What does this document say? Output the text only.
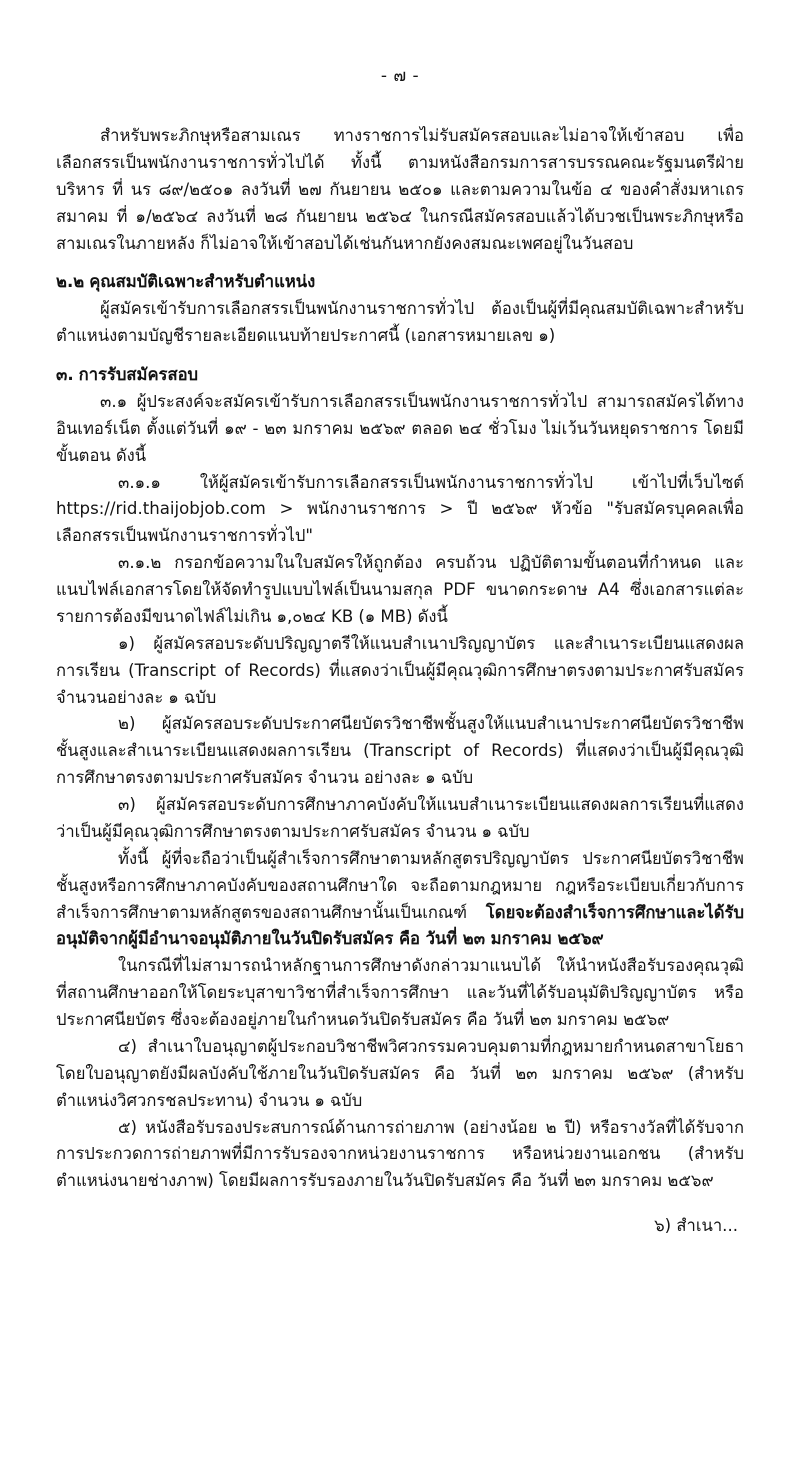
- ๗ -

สำหรับพระภิกษุหรือสามเณร ทางราชการไม่รับสมัครสอบและไม่อาจให้เข้าสอบ เพื่อเลือกสรรเป็นพนักงานราชการทั่วไปได้ ทั้งนี้ ตามหนังสือกรมการสารบรรณคณะรัฐมนตรีฝ่ายบริหาร ที่ นร ๘๙/๒๕๐๑ ลงวันที่ ๒๗ กันยายน ๒๕๐๑ และตามความในข้อ ๔ ของคำสั่งมหาเถรสมาคม ที่ ๑/๒๕๖๔ ลงวันที่ ๒๘ กันยายน ๒๕๖๔ ในกรณีสมัครสอบแล้วได้บวชเป็นพระภิกษุหรือสามเณรในภายหลัง ก็ไม่อาจให้เข้าสอบได้เช่นกันหากยังคงสมณะเพศอยู่ในวันสอบ

๒.๒ คุณสมบัติเฉพาะสำหรับตำแหน่ง

ผู้สมัครเข้ารับการเลือกสรรเป็นพนักงานราชการทั่วไป ต้องเป็นผู้ที่มีคุณสมบัติเฉพาะสำหรับตำแหน่งตามบัญชีรายละเอียดแนบท้ายประกาศนี้ (เอกสารหมายเลข ๑)

๓. การรับสมัครสอบ

๓.๑ ผู้ประสงค์จะสมัครเข้ารับการเลือกสรรเป็นพนักงานราชการทั่วไป สามารถสมัครได้ทางอินเทอร์เน็ต ตั้งแต่วันที่ ๑๙ - ๒๓ มกราคม ๒๕๖๙ ตลอด ๒๔ ชั่วโมง ไม่เว้นวันหยุดราชการ โดยมีขั้นตอน ดังนี้

๓.๑.๑ ให้ผู้สมัครเข้ารับการเลือกสรรเป็นพนักงานราชการทั่วไป เข้าไปที่เว็บไซต์ https://rid.thaijobjob.com > พนักงานราชการ > ปี ๒๕๖๙ หัวข้อ "รับสมัครบุคคลเพื่อเลือกสรรเป็นพนักงานราชการทั่วไป"

๓.๑.๒ กรอกข้อความในใบสมัครให้ถูกต้อง ครบถ้วน ปฏิบัติตามขั้นตอนที่กำหนด และแนบไฟล์เอกสารโดยให้จัดทำรูปแบบไฟล์เป็นนามสกุล PDF ขนาดกระดาษ A4 ซึ่งเอกสารแต่ละรายการต้องมีขนาดไฟล์ไม่เกิน ๑,๐๒๔ KB (๑ MB) ดังนี้

๑) ผู้สมัครสอบระดับปริญญาตรีให้แนบสำเนาปริญญาบัตร และสำเนาระเบียนแสดงผลการเรียน (Transcript of Records) ที่แสดงว่าเป็นผู้มีคุณวุฒิการศึกษาตรงตามประกาศรับสมัครจำนวนอย่างละ ๑ ฉบับ

๒) ผู้สมัครสอบระดับประกาศนียบัตรวิชาชีพชั้นสูงให้แนบสำเนาประกาศนียบัตรวิชาชีพชั้นสูงและสำเนาระเบียนแสดงผลการเรียน (Transcript of Records) ที่แสดงว่าเป็นผู้มีคุณวุฒิการศึกษาตรงตามประกาศรับสมัคร จำนวน อย่างละ ๑ ฉบับ

๓) ผู้สมัครสอบระดับการศึกษาภาคบังคับให้แนบสำเนาระเบียนแสดงผลการเรียนที่แสดงว่าเป็นผู้มีคุณวุฒิการศึกษาตรงตามประกาศรับสมัคร จำนวน ๑ ฉบับ

ทั้งนี้ ผู้ที่จะถือว่าเป็นผู้สำเร็จการศึกษาตามหลักสูตรปริญญาบัตร ประกาศนียบัตรวิชาชีพชั้นสูงหรือการศึกษาภาคบังคับของสถานศึกษาใด จะถือตามกฎหมาย กฎหรือระเบียบเกี่ยวกับการสำเร็จการศึกษาตามหลักสูตรของสถานศึกษานั้นเป็นเกณฑ์ โดยจะต้องสำเร็จการศึกษาและได้รับอนุมัติจากผู้มีอำนาจอนุมัติภายในวันปิดรับสมัคร คือ วันที่ ๒๓ มกราคม ๒๕๖๙

ในกรณีที่ไม่สามารถนำหลักฐานการศึกษาดังกล่าวมาแนบได้ ให้นำหนังสือรับรองคุณวุฒิที่สถานศึกษาออกให้โดยระบุสาขาวิชาที่สำเร็จการศึกษา และวันที่ได้รับอนุมัติปริญญาบัตร หรือประกาศนียบัตร ซึ่งจะต้องอยู่ภายในกำหนดวันปิดรับสมัคร คือ วันที่ ๒๓ มกราคม ๒๕๖๙

๔) สำเนาใบอนุญาตผู้ประกอบวิชาชีพวิศวกรรมควบคุมตามที่กฎหมายกำหนดสาขาโยธา โดยใบอนุญาตยังมีผลบังคับใช้ภายในวันปิดรับสมัคร คือ วันที่ ๒๓ มกราคม ๒๕๖๙ (สำหรับตำแหน่งวิศวกรชลประทาน) จำนวน ๑ ฉบับ

๕) หนังสือรับรองประสบการณ์ด้านการถ่ายภาพ (อย่างน้อย ๒ ปี) หรือรางวัลที่ได้รับจากการประกวดการถ่ายภาพที่มีการรับรองจากหน่วยงานราชการ หรือหน่วยงานเอกชน (สำหรับตำแหน่งนายช่างภาพ) โดยมีผลการรับรองภายในวันปิดรับสมัคร คือ วันที่ ๒๓ มกราคม ๒๕๖๙

๖) สำเนา...
